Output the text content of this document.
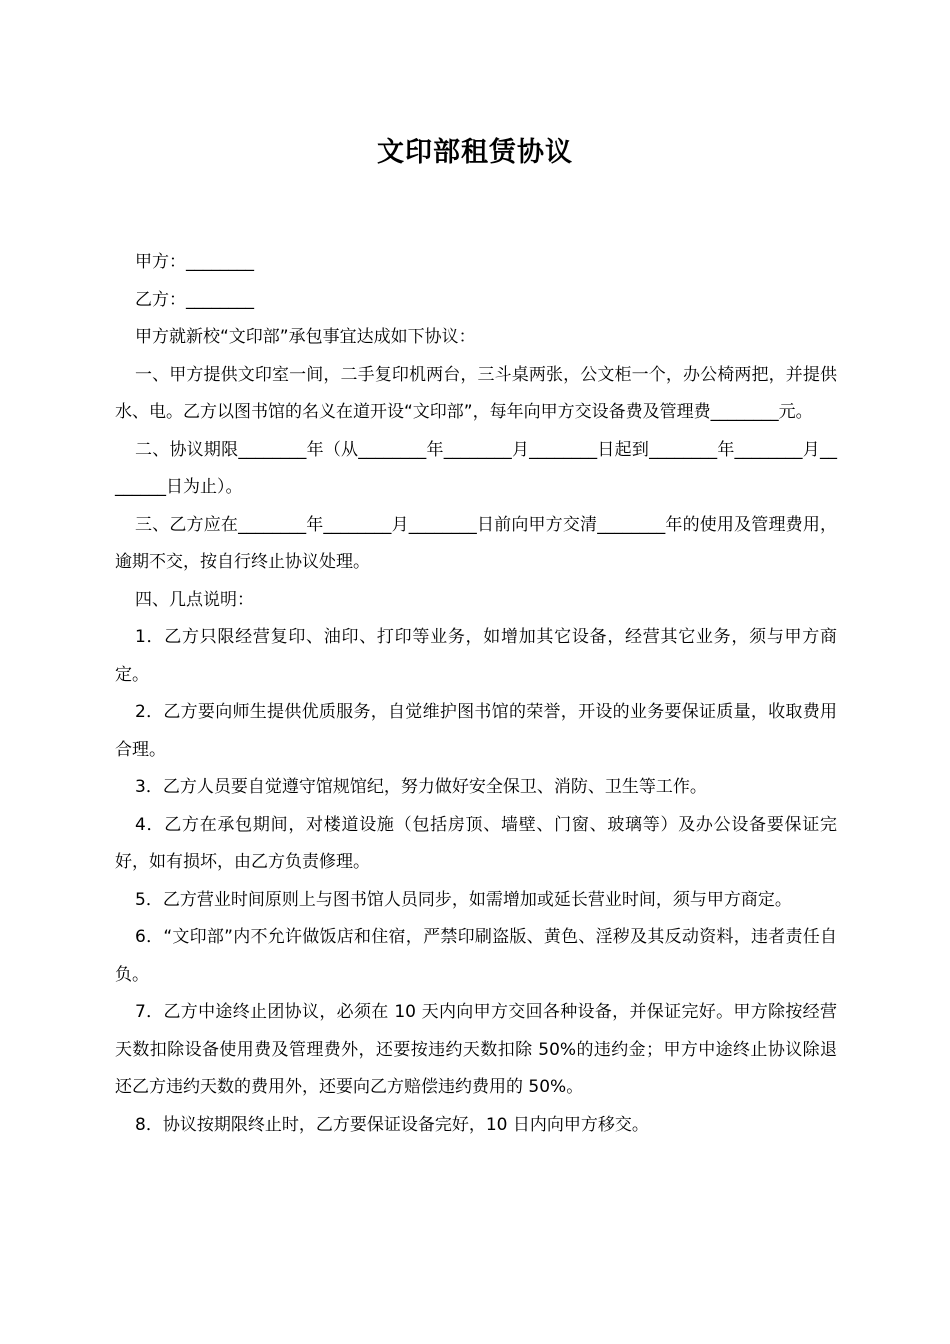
文印部租赁协议

甲方：________

乙方：________

甲方就新校“文印部”承包事宜达成如下协议：

一、甲方提供文印室一间，二手复印机两台，三斗桌两张，公文柜一个，办公椅两把，并提供水、电。乙方以图书馆的名义在道开设“文印部”，每年向甲方交设备费及管理费________元。

二、协议期限________年（从________年________月________日起到________年________月________日为止）。

三、乙方应在________年________月________日前向甲方交清________年的使用及管理费用，逾期不交，按自行终止协议处理。

四、几点说明：

1．乙方只限经营复印、油印、打印等业务，如增加其它设备，经营其它业务，须与甲方商定。

2．乙方要向师生提供优质服务，自觉维护图书馆的荣誉，开设的业务要保证质量，收取费用合理。

3．乙方人员要自觉遵守馆规馆纪，努力做好安全保卫、消防、卫生等工作。

4．乙方在承包期间，对楼道设施（包括房顶、墙壁、门窗、玻璃等）及办公设备要保证完好，如有损坏，由乙方负责修理。

5．乙方营业时间原则上与图书馆人员同步，如需增加或延长营业时间，须与甲方商定。

6．“文印部”内不允许做饭店和住宿，严禁印刷盗版、黄色、淫秽及其反动资料，违者责任自负。

7．乙方中途终止团协议，必须在 10 天内向甲方交回各种设备，并保证完好。甲方除按经营天数扣除设备使用费及管理费外，还要按违约天数扣除 50%的违约金；甲方中途终止协议除退还乙方违约天数的费用外，还要向乙方赔偿违约费用的 50%。

8．协议按期限终止时，乙方要保证设备完好，10 日内向甲方移交。
